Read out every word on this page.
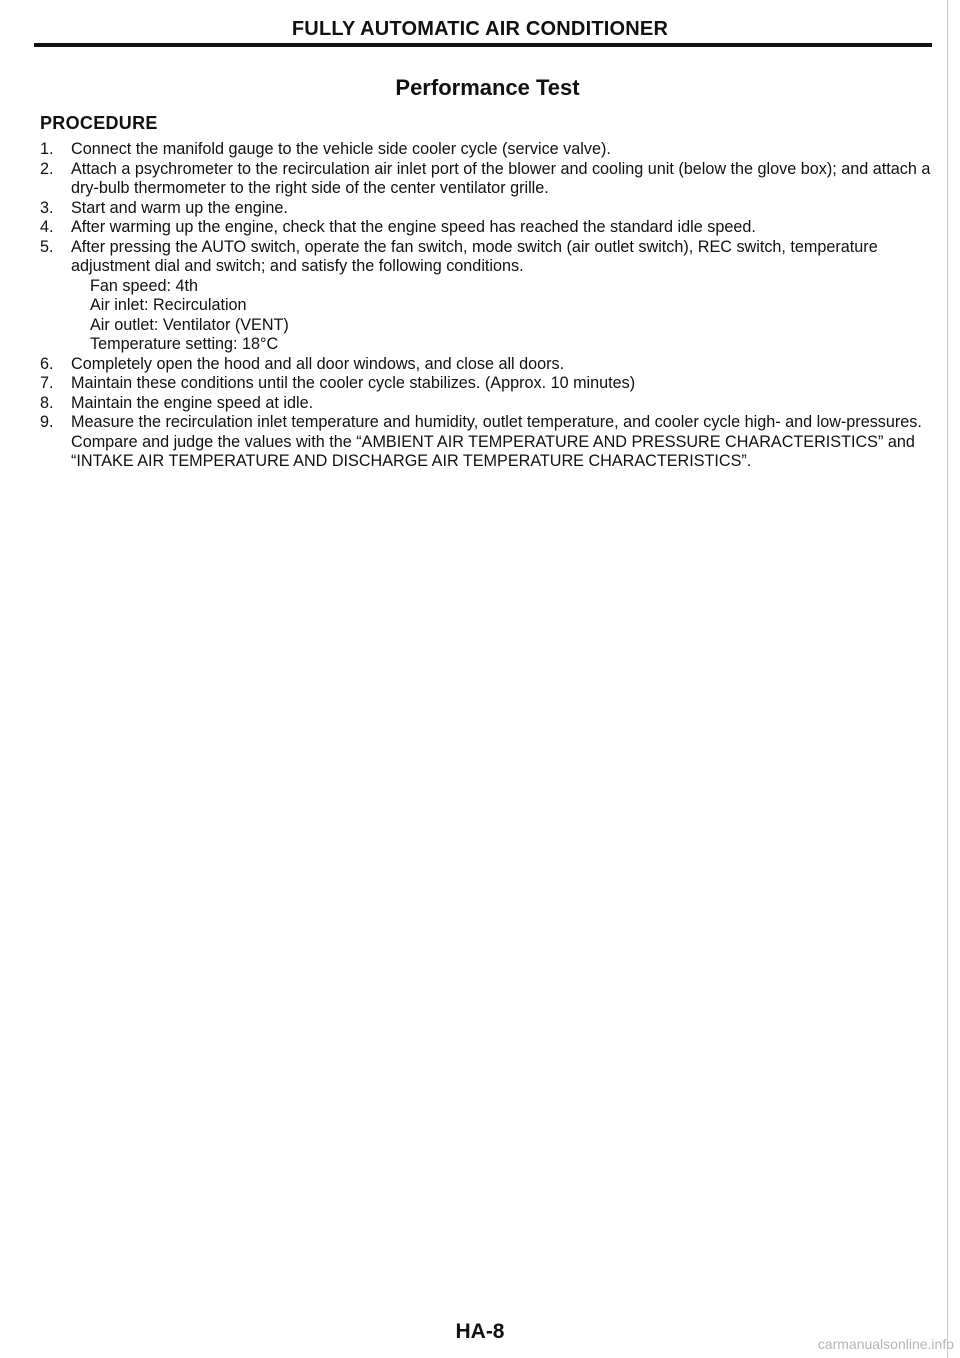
FULLY AUTOMATIC AIR CONDITIONER
Performance Test
PROCEDURE
1. Connect the manifold gauge to the vehicle side cooler cycle (service valve).
2. Attach a psychrometer to the recirculation air inlet port of the blower and cooling unit (below the glove box); and attach a dry-bulb thermometer to the right side of the center ventilator grille.
3. Start and warm up the engine.
4. After warming up the engine, check that the engine speed has reached the standard idle speed.
5. After pressing the AUTO switch, operate the fan switch, mode switch (air outlet switch), REC switch, temperature adjustment dial and switch; and satisfy the following conditions.
Fan speed: 4th
Air inlet: Recirculation
Air outlet: Ventilator (VENT)
Temperature setting: 18°C
6. Completely open the hood and all door windows, and close all doors.
7. Maintain these conditions until the cooler cycle stabilizes. (Approx. 10 minutes)
8. Maintain the engine speed at idle.
9. Measure the recirculation inlet temperature and humidity, outlet temperature, and cooler cycle high- and low-pressures. Compare and judge the values with the “AMBIENT AIR TEMPERATURE AND PRESSURE CHARACTERISTICS” and “INTAKE AIR TEMPERATURE AND DISCHARGE AIR TEMPERATURE CHARACTERISTICS”.
HA-8
carmanualsonline.info
